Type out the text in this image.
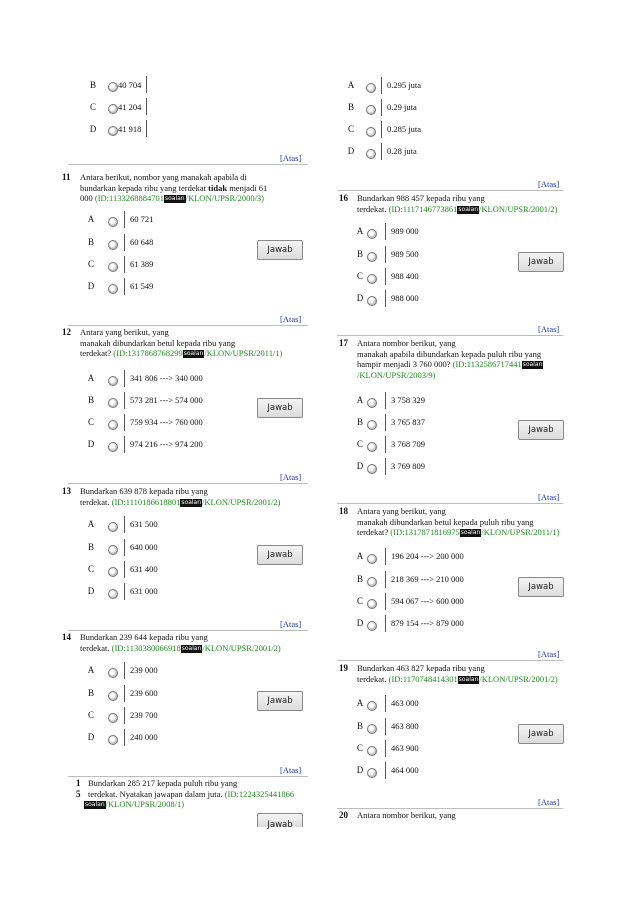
B	40 704
C	41 204
D	41 918
[Atas]
11 Antara berikut, nombor yang manakah apabila di
bundarkan kepada ribu yang terdekat tidak menjadi 61
000 (ID:1133268884701soalan/KLON/UPSR/2000/3)
A	60 721
B	60 648
C	61 389
D	61 549
Jawab
[Atas]
12 Antara yang berikut, yang
manakah dibundarkan betul kepada ribu yang
terdekat? (ID:1317868768299soalan/KLON/UPSR/2011/1)
A	341 806 ---> 340 000
B	573 281 ---> 574 000
C	759 934 ---> 760 000
D	974 216 ---> 974 200
Jawab
[Atas]
13 Bundarkan 639 878 kepada ribu yang
terdekat. (ID:1110186618801soalan/KLON/UPSR/2001/2)
A	631 500
B	640 000
C	631 400
D	631 000
Jawab
[Atas]
14 Bundarkan 239 644 kepada ribu yang
terdekat. (ID:1130380066918soalan/KLON/UPSR/2001/2)
A	239 000
B	239 600
C	239 700
D	240 000
Jawab
[Atas]
1
5
Bundarkan 285 217 kepada puluh ribu yang
terdekat. Nyatakan jawapan dalam juta. (ID:1224325441866
soalan/KLON/UPSR/2008/1)
Jawab
A	0.295 juta
B	0.29 juta
C	0.285 juta
D	0.28 juta
[Atas]
16 Bundarkan 988 457 kepada ribu yang
terdekat. (ID:1117146773861soalan/KLON/UPSR/2001/2)
A	989 000
B	989 500
C	988 400
D	988 000
Jawab
[Atas]
17 Antara nombor berikut, yang
manakah apabila dibundarkan kepada puluh ribu yang
hampir menjadi 3 760 000? (ID:1132586717441soalan
/KLON/UPSR/2003/9)
A	3 758 329
B	3 765 837
C	3 768 709
D	3 769 809
Jawab
[Atas]
18 Antara yang berikut, yang
manakah dibundarkan betul kepada puluh ribu yang
terdekat? (ID:1317871816975soalan/KLON/UPSR/2011/1)
A	196 204 ---> 200 000
B	218 369 ---> 210 000
C	594 067 ---> 600 000
D	879 154 ---> 879 000
Jawab
[Atas]
19 Bundarkan 463 827 kepada ribu yang
terdekat. (ID:1170748414301soalan/KLON/UPSR/2001/2)
A	463 000
B	463 800
C	463 900
D	464 000
Jawab
[Atas]
20 Antara nombor berikut, yang
